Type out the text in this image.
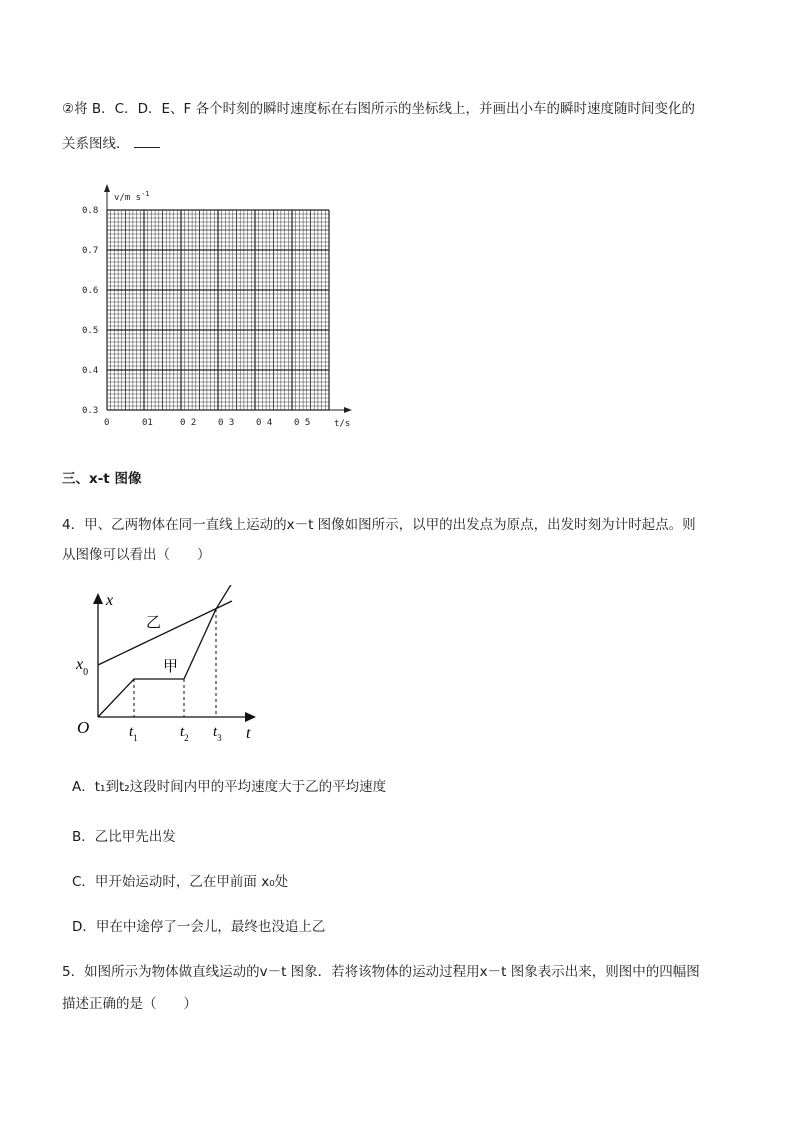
②将 B．C．D．E、F 各个时刻的瞬时速度标在右图所示的坐标线上，并画出小车的瞬时速度随时间变化的
关系图线．
v/m $s^{-1}$
t/s
0.8
0.7
0.6
0.5
0.4
0.3
0	01	0 2 0 3 0 4 0 5
三、x-t 图像
4．甲、乙两物体在同一直线上运动的x－t 图像如图所示，以甲的出发点为原点，出发时刻为计时起点。则
从图像可以看出（　　）
x
乙
甲
$x_0$
O	$t_1$	$t_2$ $t_3$ t
A．t₁到t₂这段时间内甲的平均速度大于乙的平均速度
B．乙比甲先出发
C．甲开始运动时，乙在甲前面 x₀处
D．甲在中途停了一会儿，最终也没追上乙
5．如图所示为物体做直线运动的v－t 图象．若将该物体的运动过程用x－t 图象表示出来，则图中的四幅图
描述正确的是（　　）
